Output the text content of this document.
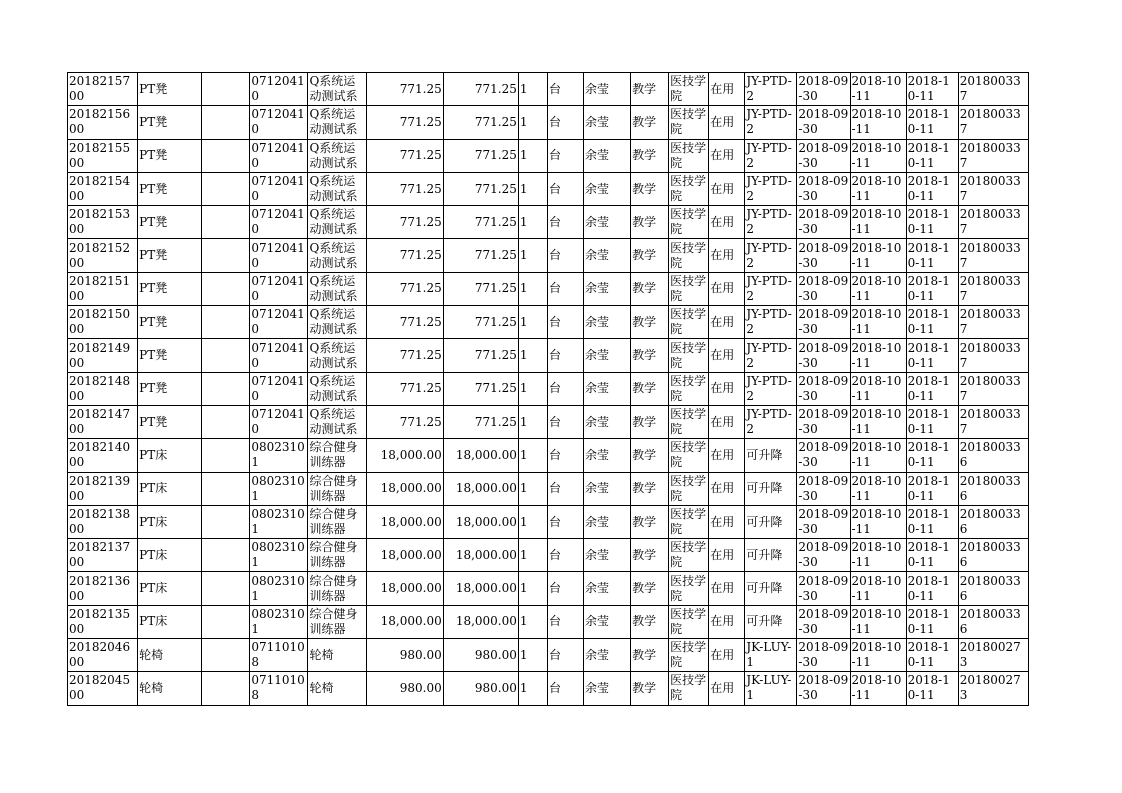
2018215700	PT凳		07120410	Q系统运动测试系	771.25	771.25	1	台	余莹	教学	医技学院	在用	JY-PTD-2	2018-09-30	2018-10-11	2018-10-11	201800337
2018215600	PT凳		07120410	Q系统运动测试系	771.25	771.25	1	台	余莹	教学	医技学院	在用	JY-PTD-2	2018-09-30	2018-10-11	2018-10-11	201800337
2018215500	PT凳		07120410	Q系统运动测试系	771.25	771.25	1	台	余莹	教学	医技学院	在用	JY-PTD-2	2018-09-30	2018-10-11	2018-10-11	201800337
2018215400	PT凳		07120410	Q系统运动测试系	771.25	771.25	1	台	余莹	教学	医技学院	在用	JY-PTD-2	2018-09-30	2018-10-11	2018-10-11	201800337
2018215300	PT凳		07120410	Q系统运动测试系	771.25	771.25	1	台	余莹	教学	医技学院	在用	JY-PTD-2	2018-09-30	2018-10-11	2018-10-11	201800337
2018215200	PT凳		07120410	Q系统运动测试系	771.25	771.25	1	台	余莹	教学	医技学院	在用	JY-PTD-2	2018-09-30	2018-10-11	2018-10-11	201800337
2018215100	PT凳		07120410	Q系统运动测试系	771.25	771.25	1	台	余莹	教学	医技学院	在用	JY-PTD-2	2018-09-30	2018-10-11	2018-10-11	201800337
2018215000	PT凳		07120410	Q系统运动测试系	771.25	771.25	1	台	余莹	教学	医技学院	在用	JY-PTD-2	2018-09-30	2018-10-11	2018-10-11	201800337
2018214900	PT凳		07120410	Q系统运动测试系	771.25	771.25	1	台	余莹	教学	医技学院	在用	JY-PTD-2	2018-09-30	2018-10-11	2018-10-11	201800337
2018214800	PT凳		07120410	Q系统运动测试系	771.25	771.25	1	台	余莹	教学	医技学院	在用	JY-PTD-2	2018-09-30	2018-10-11	2018-10-11	201800337
2018214700	PT凳		07120410	Q系统运动测试系	771.25	771.25	1	台	余莹	教学	医技学院	在用	JY-PTD-2	2018-09-30	2018-10-11	2018-10-11	201800337
2018214000	PT床		08023101	综合健身训练器	18,000.00	18,000.00	1	台	余莹	教学	医技学院	在用	可升降	2018-09-30	2018-10-11	2018-10-11	201800336
2018213900	PT床		08023101	综合健身训练器	18,000.00	18,000.00	1	台	余莹	教学	医技学院	在用	可升降	2018-09-30	2018-10-11	2018-10-11	201800336
2018213800	PT床		08023101	综合健身训练器	18,000.00	18,000.00	1	台	余莹	教学	医技学院	在用	可升降	2018-09-30	2018-10-11	2018-10-11	201800336
2018213700	PT床		08023101	综合健身训练器	18,000.00	18,000.00	1	台	余莹	教学	医技学院	在用	可升降	2018-09-30	2018-10-11	2018-10-11	201800336
2018213600	PT床		08023101	综合健身训练器	18,000.00	18,000.00	1	台	余莹	教学	医技学院	在用	可升降	2018-09-30	2018-10-11	2018-10-11	201800336
2018213500	PT床		08023101	综合健身训练器	18,000.00	18,000.00	1	台	余莹	教学	医技学院	在用	可升降	2018-09-30	2018-10-11	2018-10-11	201800336
2018204600	轮椅		07110108	轮椅	980.00	980.00	1	台	余莹	教学	医技学院	在用	JK-LUY-1	2018-09-30	2018-10-11	2018-10-11	201800273
2018204500	轮椅		07110108	轮椅	980.00	980.00	1	台	余莹	教学	医技学院	在用	JK-LUY-1	2018-09-30	2018-10-11	2018-10-11	201800273
